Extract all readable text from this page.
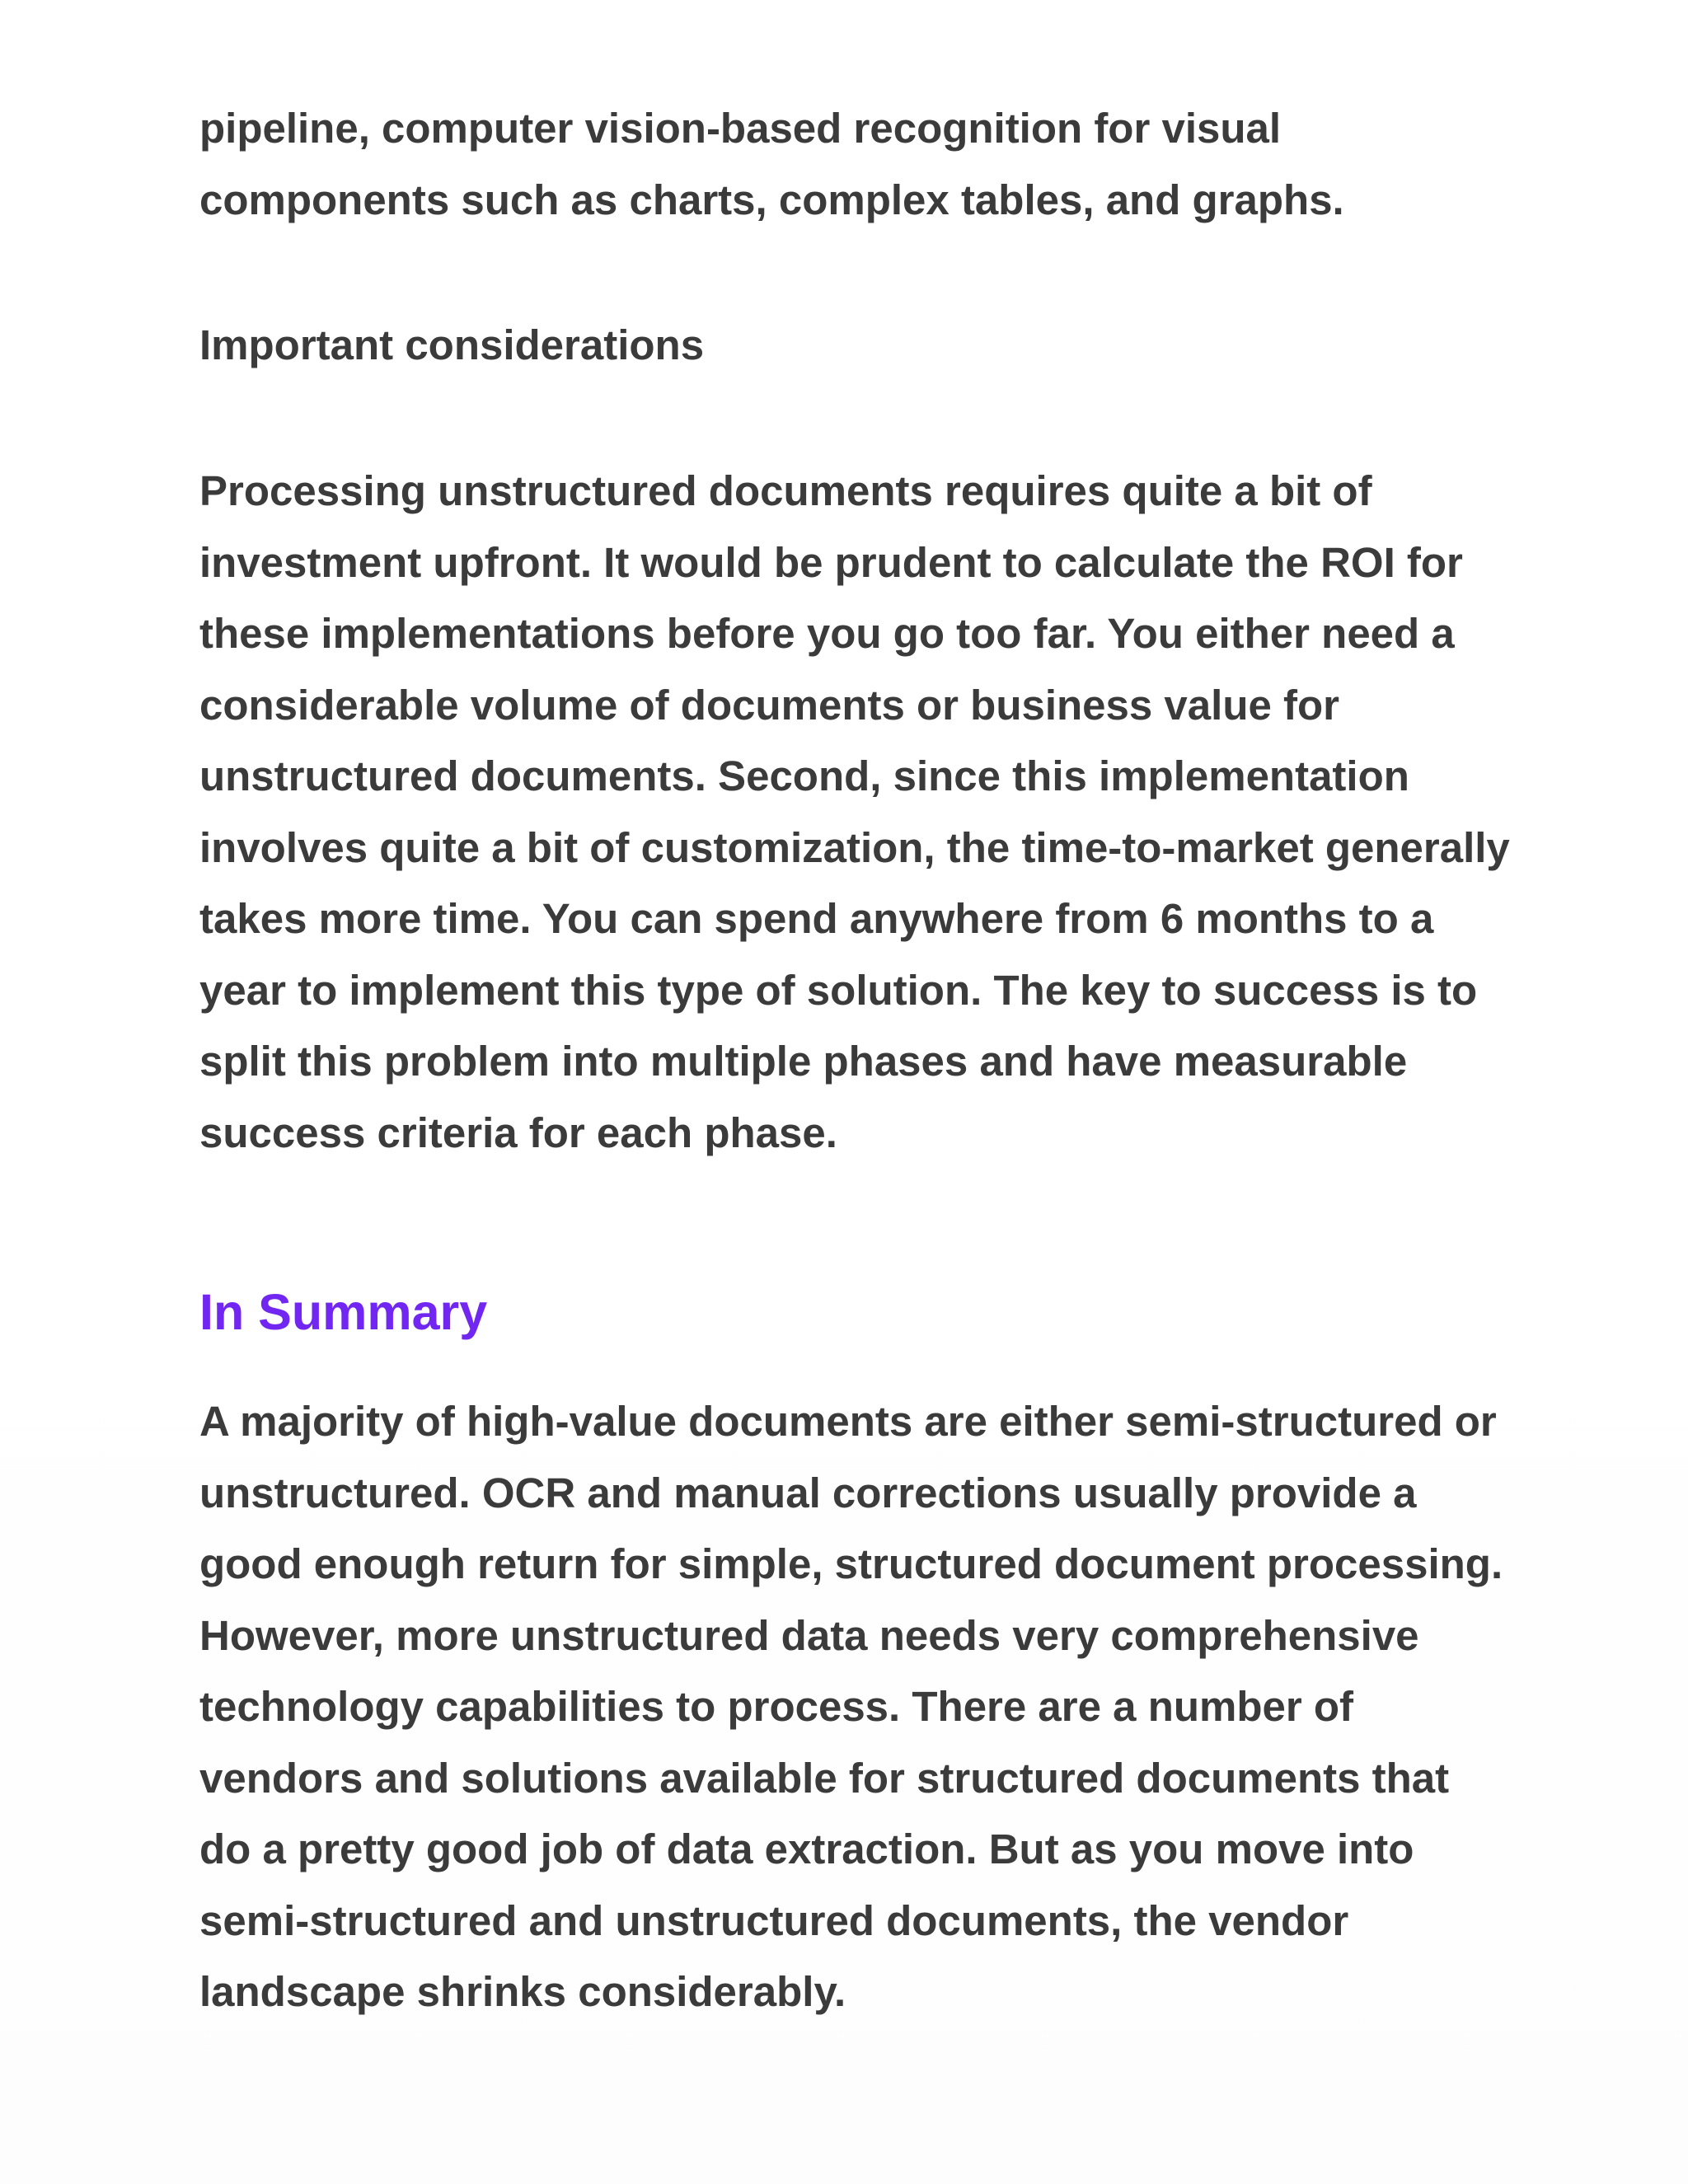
pipeline, computer vision-based recognition for visual
components such as charts, complex tables, and graphs.

Important considerations

Processing unstructured documents requires quite a bit of
investment upfront. It would be prudent to calculate the ROI for
these implementations before you go too far. You either need a
considerable volume of documents or business value for
unstructured documents. Second, since this implementation
involves quite a bit of customization, the time-to-market generally
takes more time. You can spend anywhere from 6 months to a
year to implement this type of solution. The key to success is to
split this problem into multiple phases and have measurable
success criteria for each phase.

In Summary

A majority of high-value documents are either semi-structured or
unstructured. OCR and manual corrections usually provide a
good enough return for simple, structured document processing.
However, more unstructured data needs very comprehensive
technology capabilities to process. There are a number of
vendors and solutions available for structured documents that
do a pretty good job of data extraction. But as you move into
semi-structured and unstructured documents, the vendor
landscape shrinks considerably.
